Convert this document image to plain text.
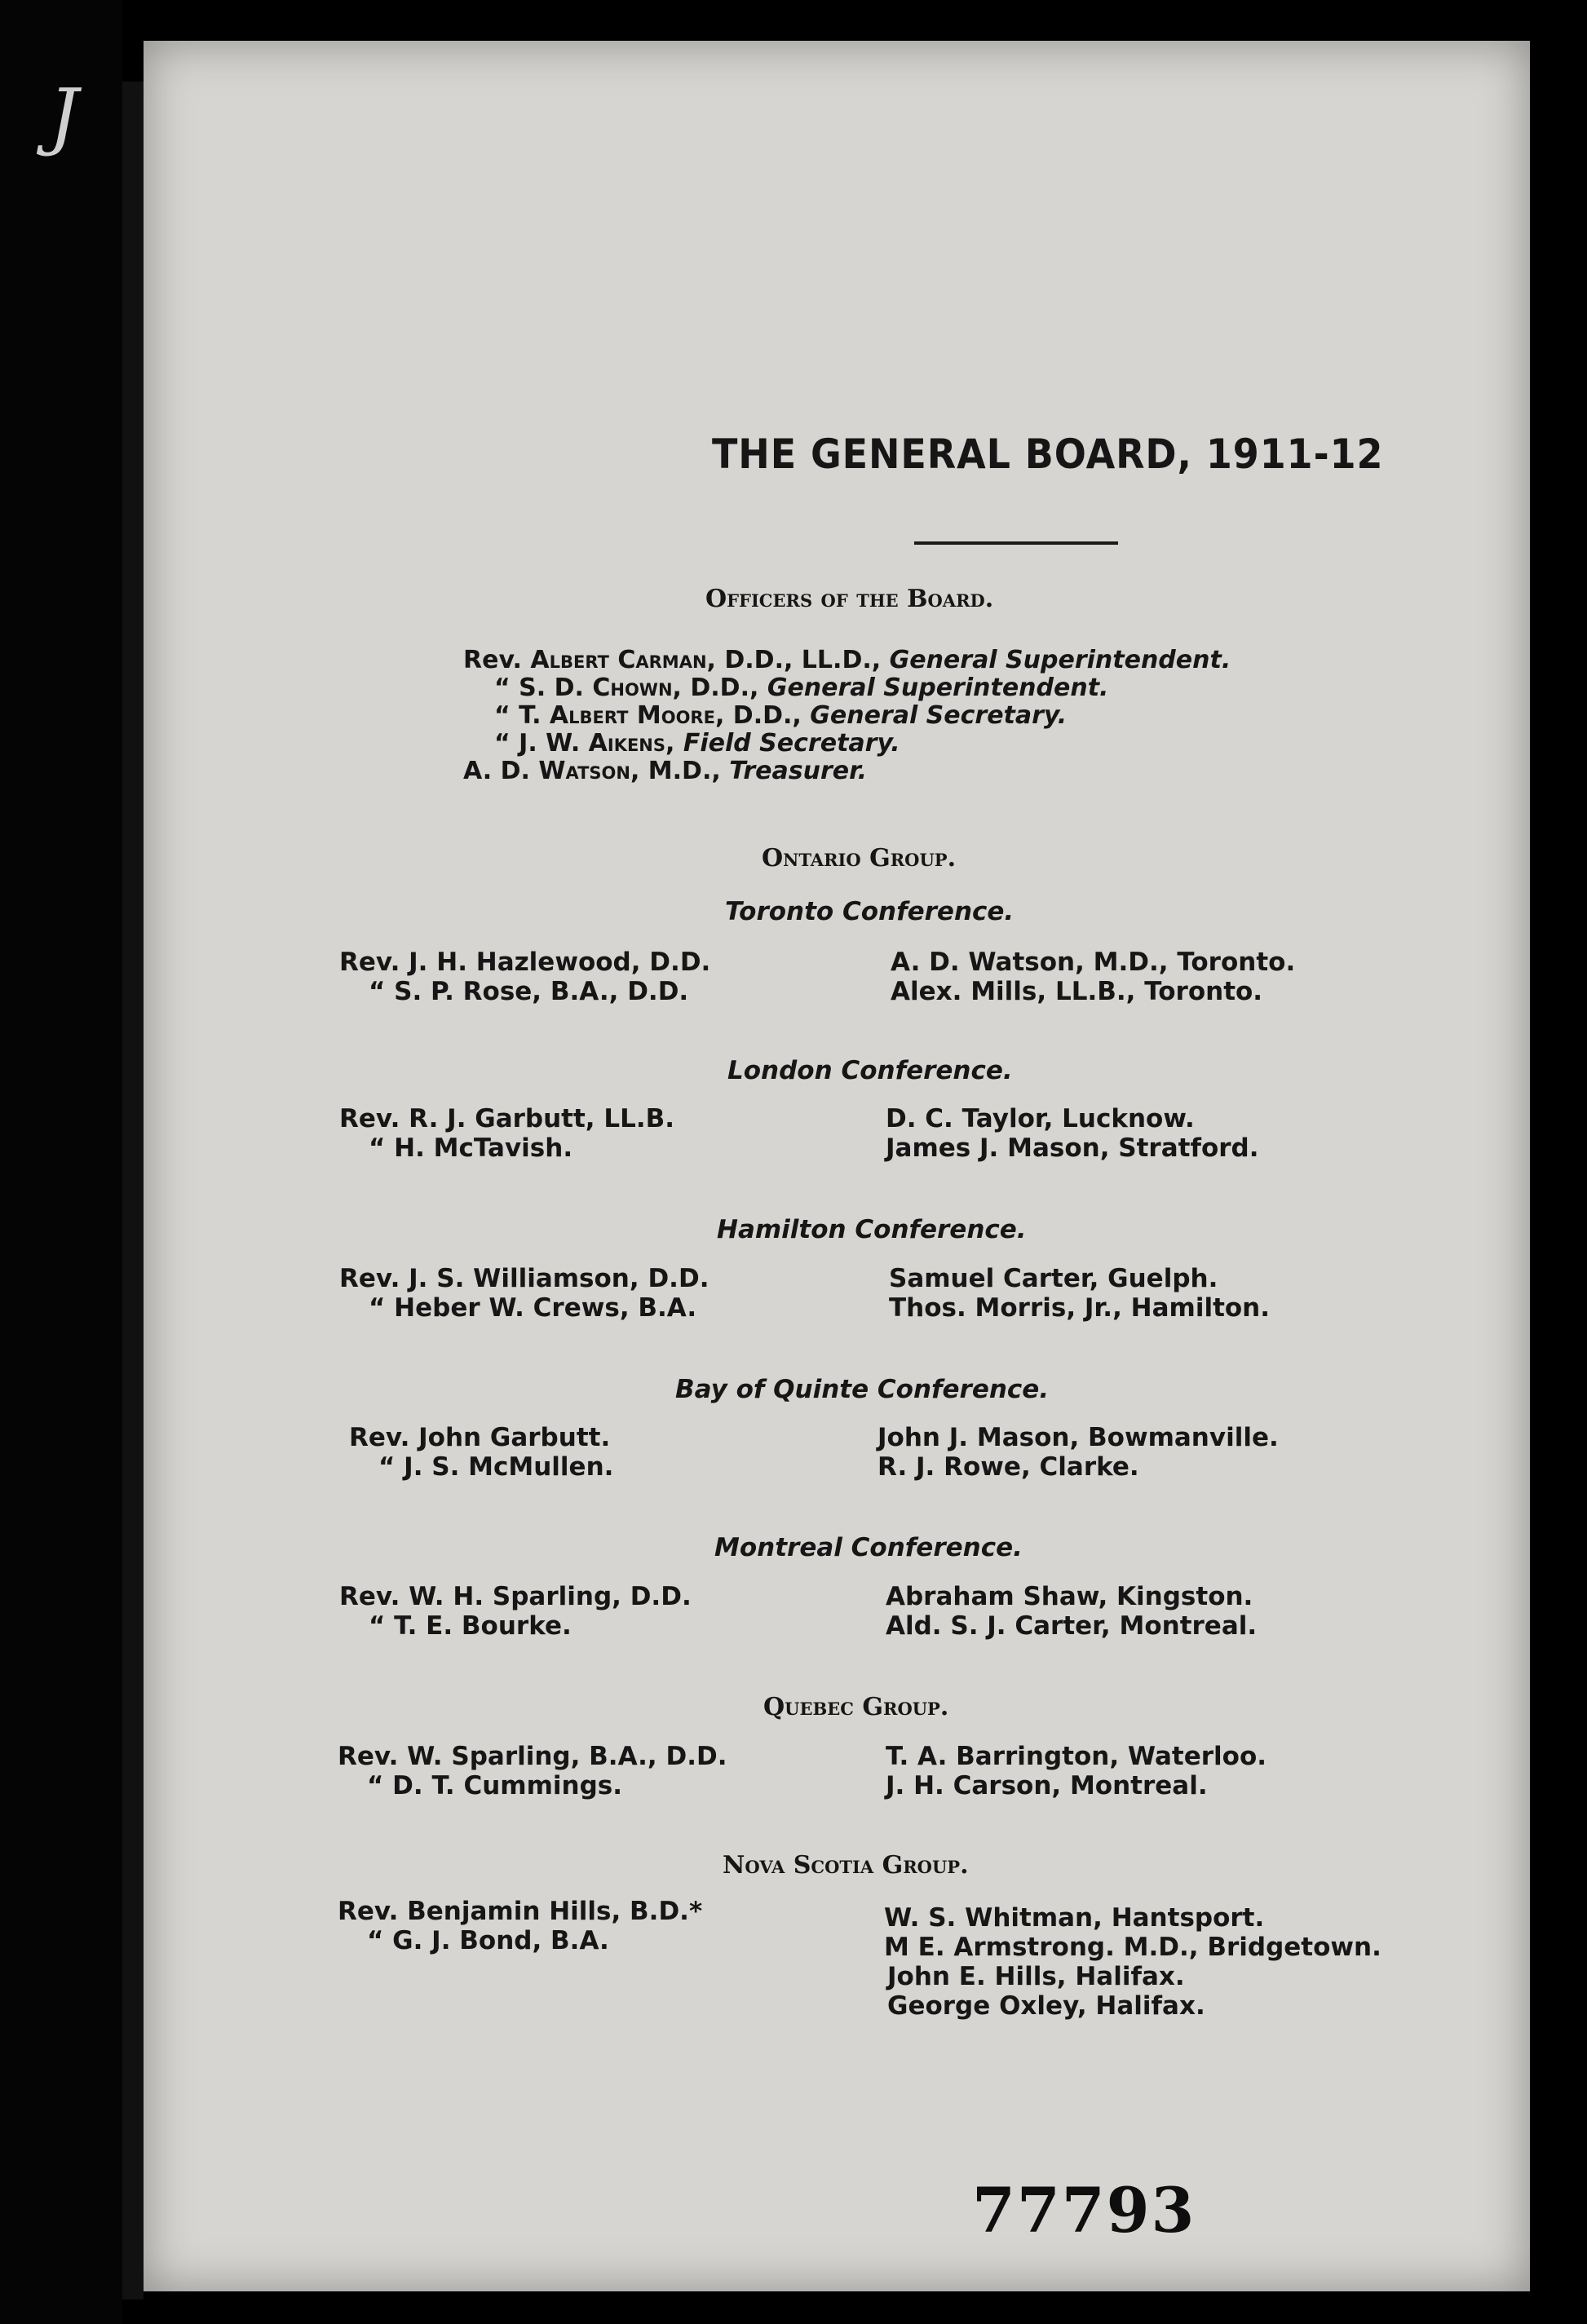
J
THE GENERAL BOARD, 1911-12
Officers of the Board.
Rev. Albert Carman, D.D., LL.D., General Superintendent.
“ S. D. Chown, D.D., General Superintendent.
“ T. Albert Moore, D.D., General Secretary.
“ J. W. Aikens, Field Secretary.
A. D. Watson, M.D., Treasurer.
Ontario Group.
Toronto Conference.
Rev. J. H. Hazlewood, D.D.
“ S. P. Rose, B.A., D.D.
A. D. Watson, M.D., Toronto.
Alex. Mills, LL.B., Toronto.
London Conference.
Rev. R. J. Garbutt, LL.B.
“ H. McTavish.
D. C. Taylor, Lucknow.
James J. Mason, Stratford.
Hamilton Conference.
Rev. J. S. Williamson, D.D.
“ Heber W. Crews, B.A.
Samuel Carter, Guelph.
Thos. Morris, Jr., Hamilton.
Bay of Quinte Conference.
Rev. John Garbutt.
“ J. S. McMullen.
John J. Mason, Bowmanville.
R. J. Rowe, Clarke.
Montreal Conference.
Rev. W. H. Sparling, D.D.
“ T. E. Bourke.
Abraham Shaw, Kingston.
Ald. S. J. Carter, Montreal.
Quebec Group.
Rev. W. Sparling, B.A., D.D.
“ D. T. Cummings.
T. A. Barrington, Waterloo.
J. H. Carson, Montreal.
Nova Scotia Group.
Rev. Benjamin Hills, B.D.*
“ G. J. Bond, B.A.
W. S. Whitman, Hantsport.
M E. Armstrong. M.D., Bridgetown.
John E. Hills, Halifax.
George Oxley, Halifax.
77793
